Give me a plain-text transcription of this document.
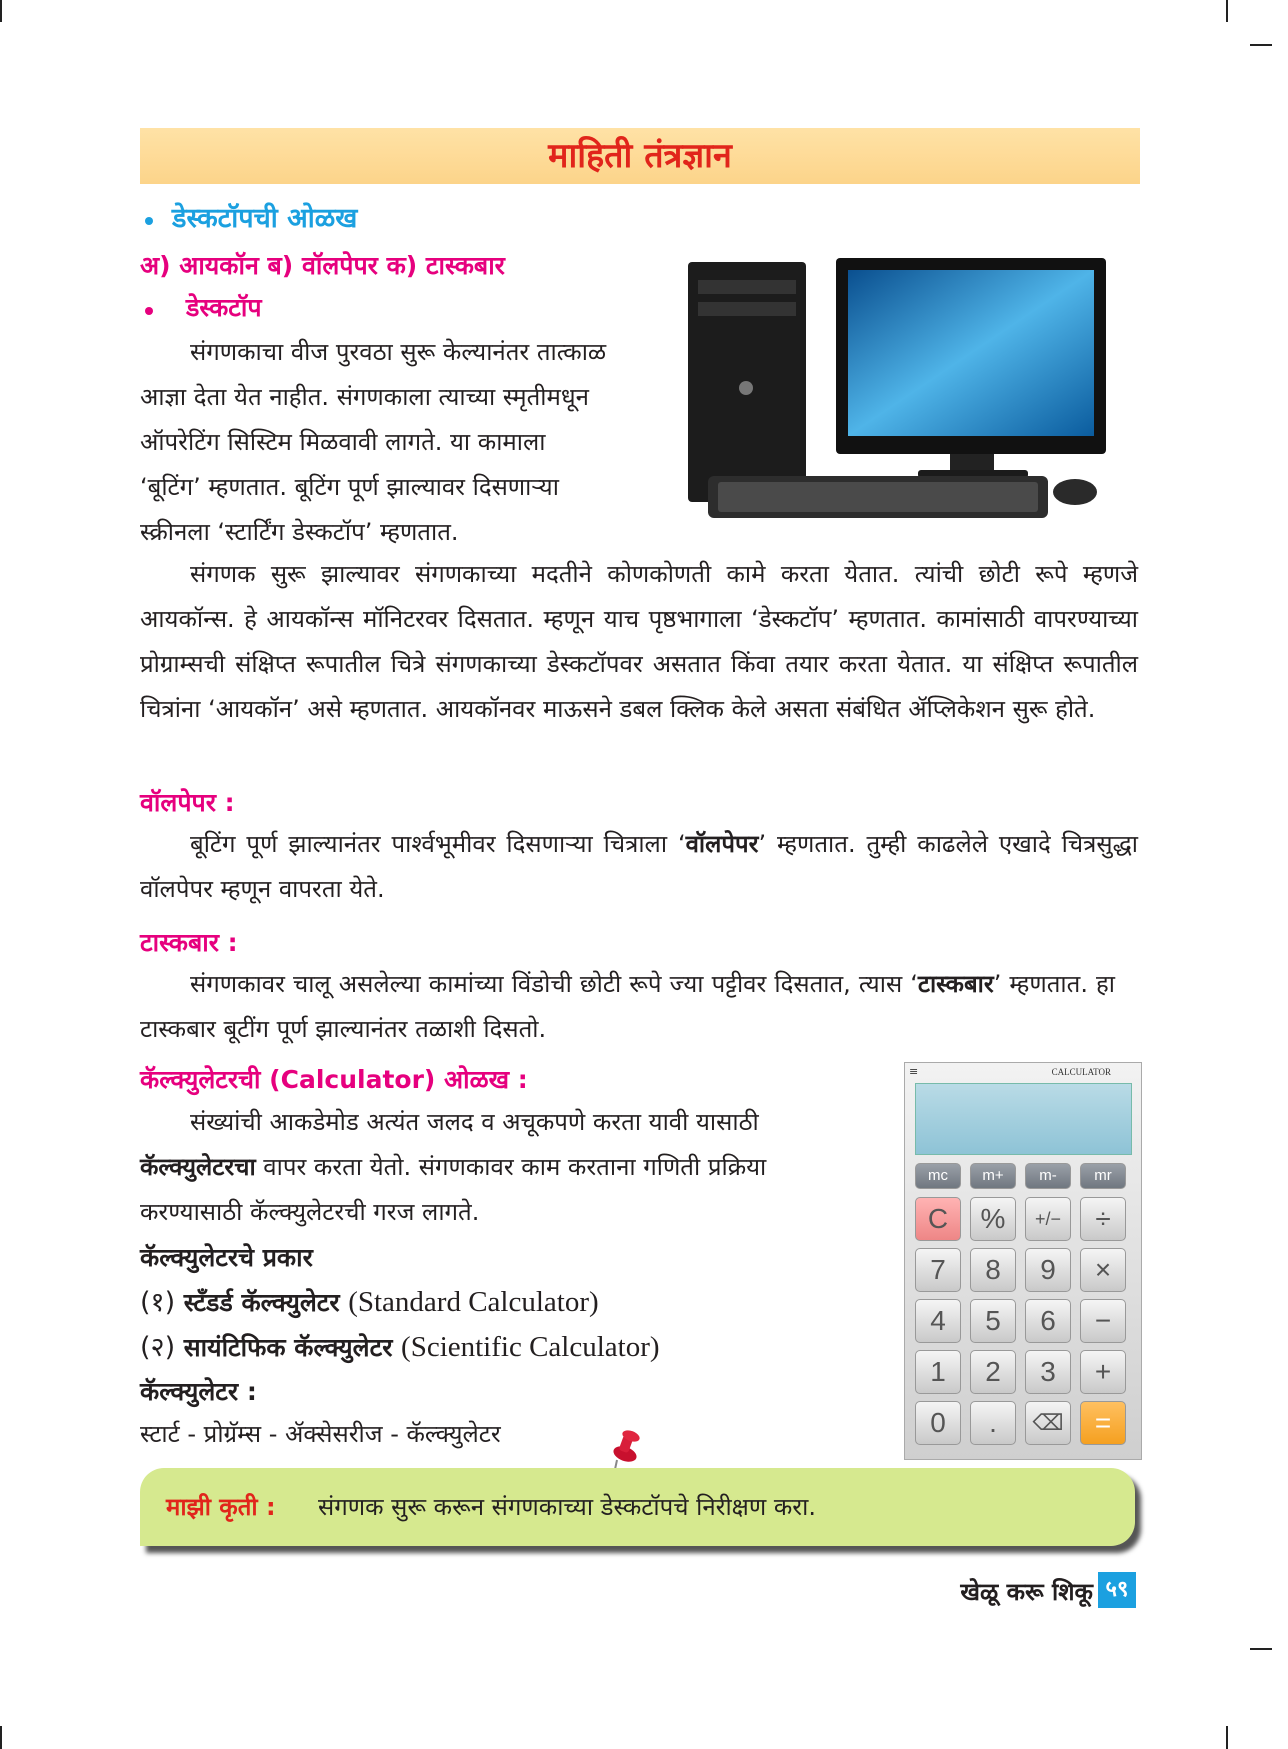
माहिती तंत्रज्ञान
डेस्कटॉपची ओळख
अ) आयकॉन ब) वॉलपेपर क) टास्कबार
डेस्कटॉप
संगणकाचा वीज पुरवठा सुरू केल्यानंतर तात्काळ
आज्ञा देता येत नाहीत. संगणकाला त्याच्या स्मृतीमधून
ऑपरेटिंग सिस्टिम मिळवावी लागते. या कामाला
‘बूटिंग’ म्हणतात. बूटिंग पूर्ण झाल्यावर दिसणाऱ्या
स्क्रीनला ‘स्टार्टिंग डेस्कटॉप’ म्हणतात.

संगणक सुरू झाल्यावर संगणकाच्या मदतीने कोणकोणती कामे करता येतात. त्यांची छोटी रूपे म्हणजे आयकॉन्स. हे आयकॉन्स मॉनिटरवर दिसतात. म्हणून याच पृष्ठभागाला ‘डेस्कटॉप’ म्हणतात. कामांसाठी वापरण्याच्या प्रोग्राम्सची संक्षिप्त रूपातील चित्रे संगणकाच्या डेस्कटॉपवर असतात किंवा तयार करता येतात. या संक्षिप्त रूपातील चित्रांना ‘आयकॉन’ असे म्हणतात. आयकॉनवर माऊसने डबल क्लिक केले असता संबंधित ॲप्लिकेशन सुरू होते.

वॉलपेपर :

बूटिंग पूर्ण झाल्यानंतर पार्श्वभूमीवर दिसणाऱ्या चित्राला ‘वॉलपेपर’ म्हणतात. तुम्ही काढलेले एखादे चित्रसुद्धा वॉलपेपर म्हणून वापरता येते.

टास्कबार :

संगणकावर चालू असलेल्या कामांच्या विंडोची छोटी रूपे ज्या पट्टीवर दिसतात, त्यास ‘टास्कबार’ म्हणतात. हा टास्कबार बूटींग पूर्ण झाल्यानंतर तळाशी दिसतो.

कॅल्क्युलेटरची (Calculator) ओळख :
संख्यांची आकडेमोड अत्यंत जलद व अचूकपणे करता यावी यासाठी
कॅल्क्युलेटरचा वापर करता येतो. संगणकावर काम करताना गणिती प्रक्रिया
करण्यासाठी कॅल्क्युलेटरची गरज लागते.
कॅल्क्युलेटरचे प्रकार
(१) स्टँडर्ड कॅल्क्युलेटर (Standard Calculator)
(२) सायंटिफिक कॅल्क्युलेटर (Scientific Calculator)
कॅल्क्युलेटर :
स्टार्ट - प्रोग्रॅम्स - ॲक्सेसरीज - कॅल्क्युलेटर
≡	CALCULATOR
mc	m+	m-	mr
C	%	+/−	÷
7	8	9	×
4	5	6	−
1	2	3	+
0	.	⌫	=
माझी कृती : संगणक सुरू करून संगणकाच्या डेस्कटॉपचे निरीक्षण करा.
खेळू करू शिकू ५९
